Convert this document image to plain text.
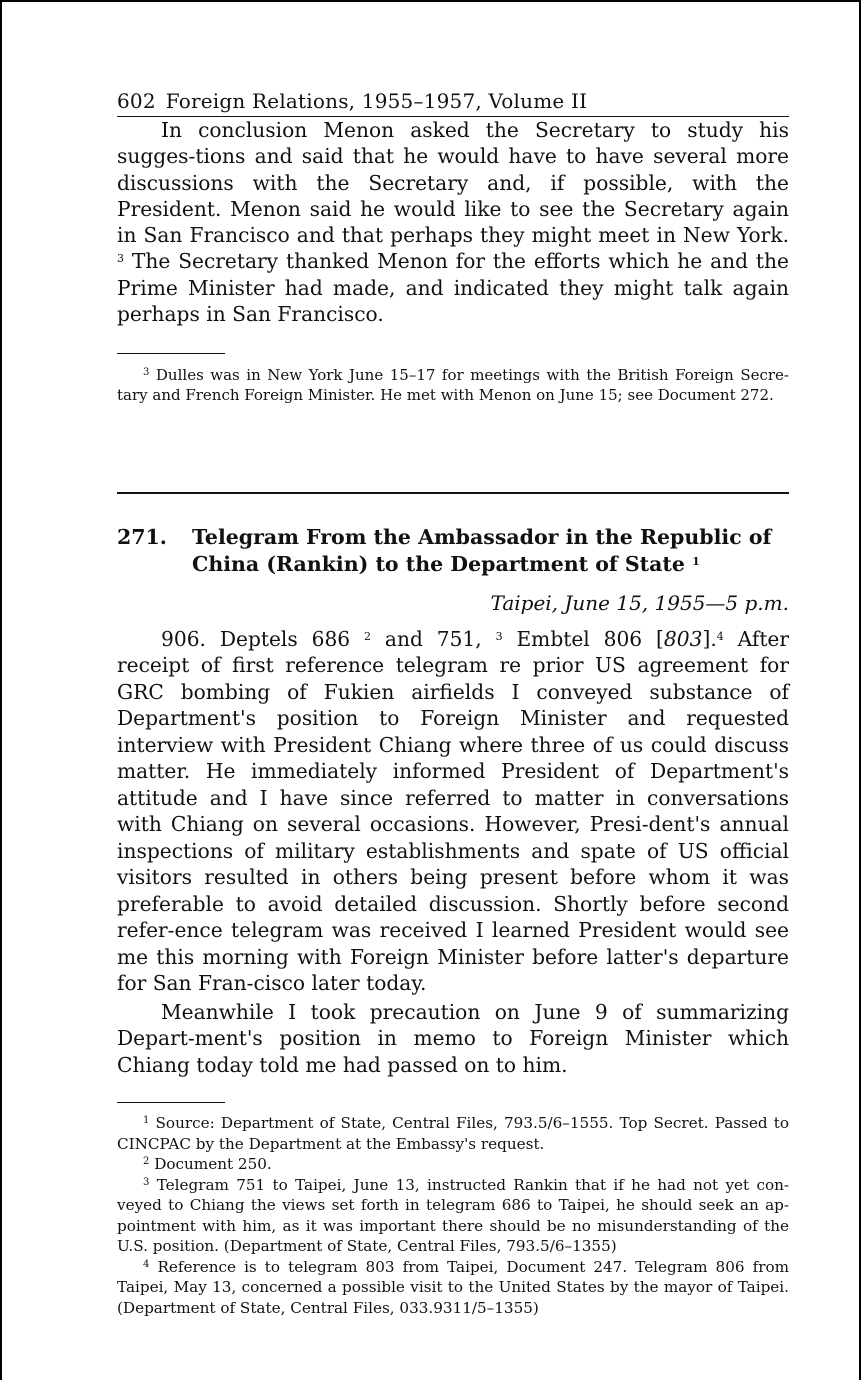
602 Foreign Relations, 1955–1957, Volume II

In conclusion Menon asked the Secretary to study his sugges-tions and said that he would have to have several more discussions with the Secretary and, if possible, with the President. Menon said he would like to see the Secretary again in San Francisco and that perhaps they might meet in New York. $^3$ The Secretary thanked Menon for the efforts which he and the Prime Minister had made, and indicated they might talk again perhaps in San Francisco.

$^3$ Dulles was in New York June 15–17 for meetings with the British Foreign Secre-tary and French Foreign Minister. He met with Menon on June 15; see Document 272.

271.	Telegram From the Ambassador in the Republic of China (Rankin) to the Department of State $^1$
Taipei, June 15, 1955—5 p.m.

906. Deptels 686 $^2$ and 751, $^3$ Embtel 806 [803].$^4$ After receipt of first reference telegram re prior US agreement for GRC bombing of Fukien airfields I conveyed substance of Department's position to Foreign Minister and requested interview with President Chiang where three of us could discuss matter. He immediately informed President of Department's attitude and I have since referred to matter in conversations with Chiang on several occasions. However, Presi-dent's annual inspections of military establishments and spate of US official visitors resulted in others being present before whom it was preferable to avoid detailed discussion. Shortly before second refer-ence telegram was received I learned President would see me this morning with Foreign Minister before latter's departure for San Fran-cisco later today.

Meanwhile I took precaution on June 9 of summarizing Depart-ment's position in memo to Foreign Minister which Chiang today told me had passed on to him.

$^1$ Source: Department of State, Central Files, 793.5/6–1555. Top Secret. Passed to CINCPAC by the Department at the Embassy's request.

$^2$ Document 250.

$^3$ Telegram 751 to Taipei, June 13, instructed Rankin that if he had not yet con-veyed to Chiang the views set forth in telegram 686 to Taipei, he should seek an ap-pointment with him, as it was important there should be no misunderstanding of the U.S. position. (Department of State, Central Files, 793.5/6–1355)

$^4$ Reference is to telegram 803 from Taipei, Document 247. Telegram 806 from Taipei, May 13, concerned a possible visit to the United States by the mayor of Taipei. (Department of State, Central Files, 033.9311/5–1355)
